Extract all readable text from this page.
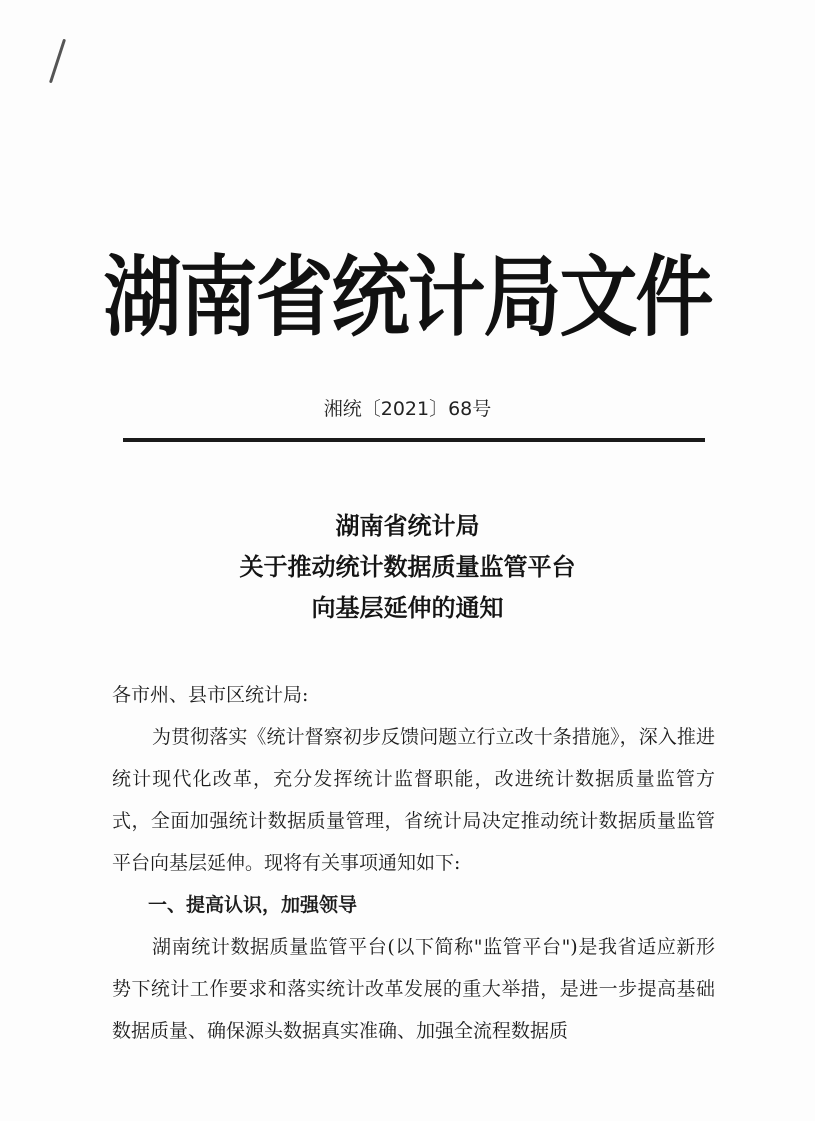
湖南省统计局文件
湘统〔2021〕68号
湖南省统计局
关于推动统计数据质量监管平台
向基层延伸的通知

各市州、县市区统计局:

为贯彻落实《统计督察初步反馈问题立行立改十条措施》，深入推进统计现代化改革，充分发挥统计监督职能，改进统计数据质量监管方式，全面加强统计数据质量管理，省统计局决定推动统计数据质量监管平台向基层延伸。现将有关事项通知如下:

一、提高认识，加强领导

湖南统计数据质量监管平台(以下简称"监管平台")是我省适应新形势下统计工作要求和落实统计改革发展的重大举措，是进一步提高基础数据质量、确保源头数据真实准确、加强全流程数据质
